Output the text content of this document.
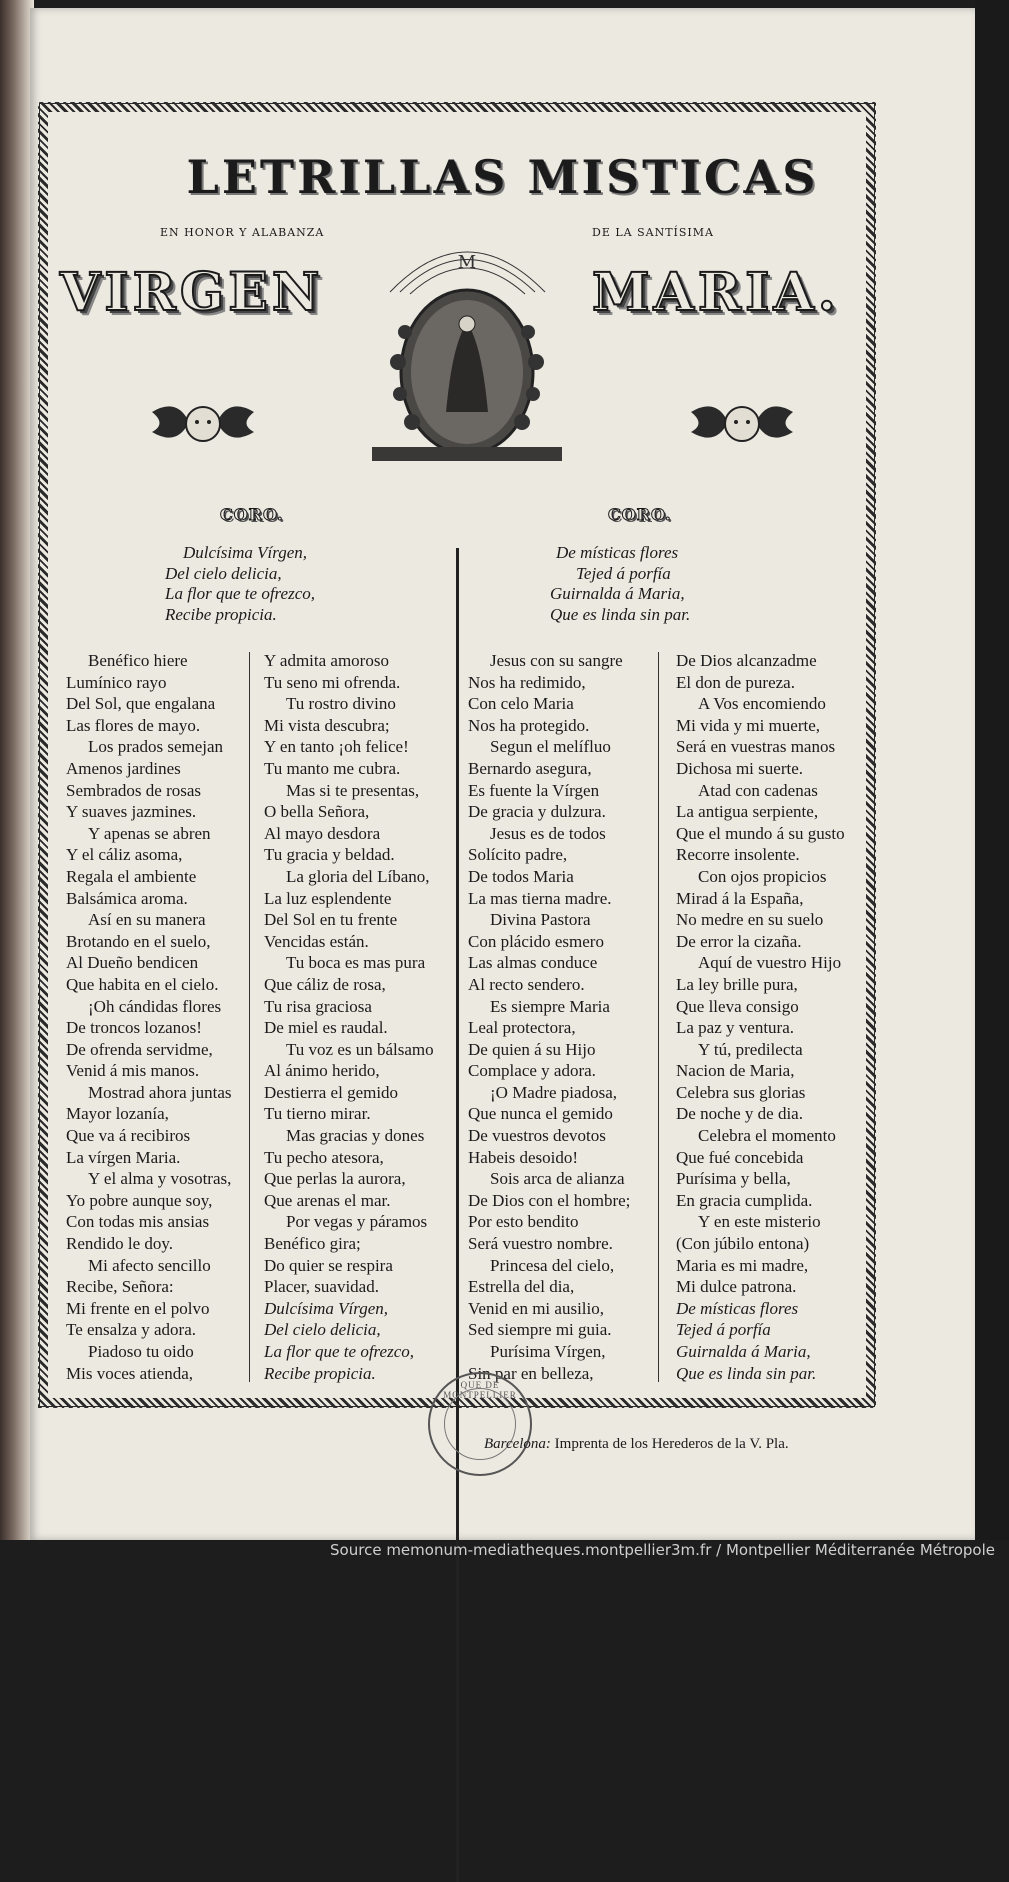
LETRILLAS MISTICAS
EN HONOR Y ALABANZA	DE LA SANTÍSIMA
VIRGEN	MARIA.
M
CORO.	CORO.
Dulcísima Vírgen,
Del cielo delicia,
La flor que te ofrezco,
Recibe propicia.
De místicas flores
Tejed á porfía
Guirnalda á Maria,
Que es linda sin par.
Benéfico hiere
Lumínico rayo
Del Sol, que engalana
Las flores de mayo.
Los prados semejan
Amenos jardines
Sembrados de rosas
Y suaves jazmines.
Y apenas se abren
Y el cáliz asoma,
Regala el ambiente
Balsámica aroma.
Así en su manera
Brotando en el suelo,
Al Dueño bendicen
Que habita en el cielo.
¡Oh cándidas flores
De troncos lozanos!
De ofrenda servidme,
Venid á mis manos.
Mostrad ahora juntas
Mayor lozanía,
Que va á recibiros
La vírgen Maria.
Y el alma y vosotras,
Yo pobre aunque soy,
Con todas mis ansias
Rendido le doy.
Mi afecto sencillo
Recibe, Señora:
Mi frente en el polvo
Te ensalza y adora.
Piadoso tu oido
Mis voces atienda,
Y admita amoroso
Tu seno mi ofrenda.
Tu rostro divino
Mi vista descubra;
Y en tanto ¡oh felice!
Tu manto me cubra.
Mas si te presentas,
O bella Señora,
Al mayo desdora
Tu gracia y beldad.
La gloria del Líbano,
La luz esplendente
Del Sol en tu frente
Vencidas están.
Tu boca es mas pura
Que cáliz de rosa,
Tu risa graciosa
De miel es raudal.
Tu voz es un bálsamo
Al ánimo herido,
Destierra el gemido
Tu tierno mirar.
Mas gracias y dones
Tu pecho atesora,
Que perlas la aurora,
Que arenas el mar.
Por vegas y páramos
Benéfico gira;
Do quier se respira
Placer, suavidad.
Dulcísima Vírgen,
Del cielo delicia,
La flor que te ofrezco,
Recibe propicia.
Jesus con su sangre
Nos ha redimido,
Con celo Maria
Nos ha protegido.
Segun el melífluo
Bernardo asegura,
Es fuente la Vírgen
De gracia y dulzura.
Jesus es de todos
Solícito padre,
De todos Maria
La mas tierna madre.
Divina Pastora
Con plácido esmero
Las almas conduce
Al recto sendero.
Es siempre Maria
Leal protectora,
De quien á su Hijo
Complace y adora.
¡O Madre piadosa,
Que nunca el gemido
De vuestros devotos
Habeis desoido!
Sois arca de alianza
De Dios con el hombre;
Por esto bendito
Será vuestro nombre.
Princesa del cielo,
Estrella del dia,
Venid en mi ausilio,
Sed siempre mi guia.
Purísima Vírgen,
Sin par en belleza,
De Dios alcanzadme
El don de pureza.
A Vos encomiendo
Mi vida y mi muerte,
Será en vuestras manos
Dichosa mi suerte.
Atad con cadenas
La antigua serpiente,
Que el mundo á su gusto
Recorre insolente.
Con ojos propicios
Mirad á la España,
No medre en su suelo
De error la cizaña.
Aquí de vuestro Hijo
La ley brille pura,
Que lleva consigo
La paz y ventura.
Y tú, predilecta
Nacion de Maria,
Celebra sus glorias
De noche y de dia.
Celebra el momento
Que fué concebida
Purísima y bella,
En gracia cumplida.
Y en este misterio
(Con júbilo entona)
Maria es mi madre,
Mi dulce patrona.
De místicas flores
Tejed á porfía
Guirnalda á Maria,
Que es linda sin par.
QUE DE MONTPELLIER
Barcelona: Imprenta de los Herederos de la V. Pla.
Source memonum-mediatheques.montpellier3m.fr / Montpellier Méditerranée Métropole
